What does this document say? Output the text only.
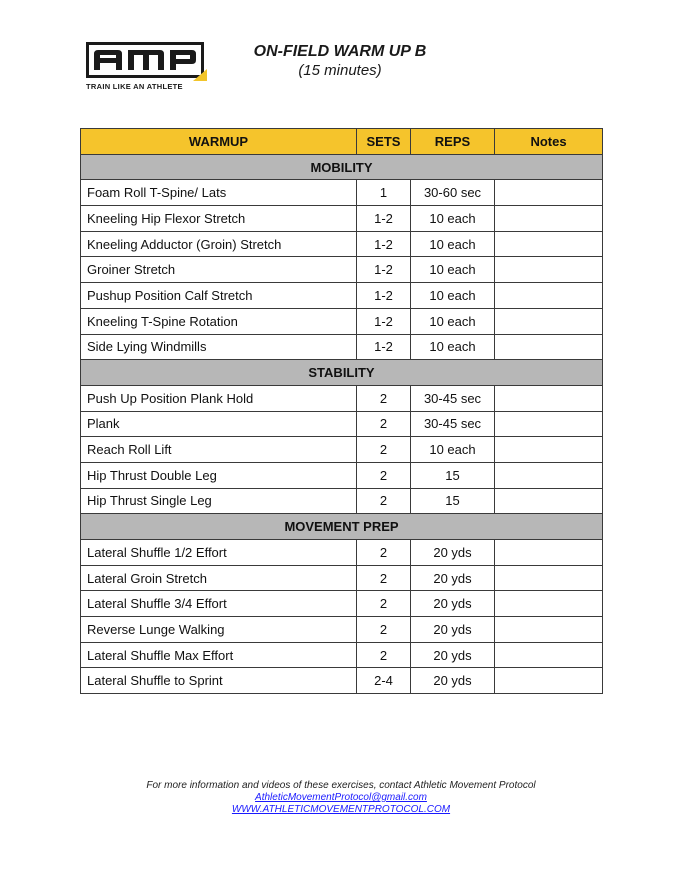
TRAIN LIKE AN ATHLETE
ON-FIELD WARM UP B
(15 minutes)
WARMUP	SETS	REPS	Notes
MOBILITY			
Foam Roll T-Spine/ Lats	1	30-60 sec	
Kneeling Hip Flexor Stretch	1-2	10 each	
Kneeling Adductor (Groin) Stretch	1-2	10 each	
Groiner Stretch	1-2	10 each	
Pushup Position Calf Stretch	1-2	10 each	
Kneeling T-Spine Rotation	1-2	10 each	
Side Lying Windmills	1-2	10 each	
STABILITY			
Push Up Position Plank Hold	2	30-45 sec	
Plank	2	30-45 sec	
Reach Roll Lift	2	10 each	
Hip Thrust Double Leg	2	15	
Hip Thrust Single Leg	2	15	
MOVEMENT PREP			
Lateral Shuffle 1/2 Effort	2	20 yds	
Lateral Groin Stretch	2	20 yds	
Lateral Shuffle 3/4 Effort	2	20 yds	
Reverse Lunge Walking	2	20 yds	
Lateral Shuffle Max Effort	2	20 yds	
Lateral Shuffle to Sprint	2-4	20 yds	
For more information and videos of these exercises, contact Athletic Movement Protocol
AthleticMovementProtocol@gmail.com
WWW.ATHLETICMOVEMENTPROTOCOL.COM
